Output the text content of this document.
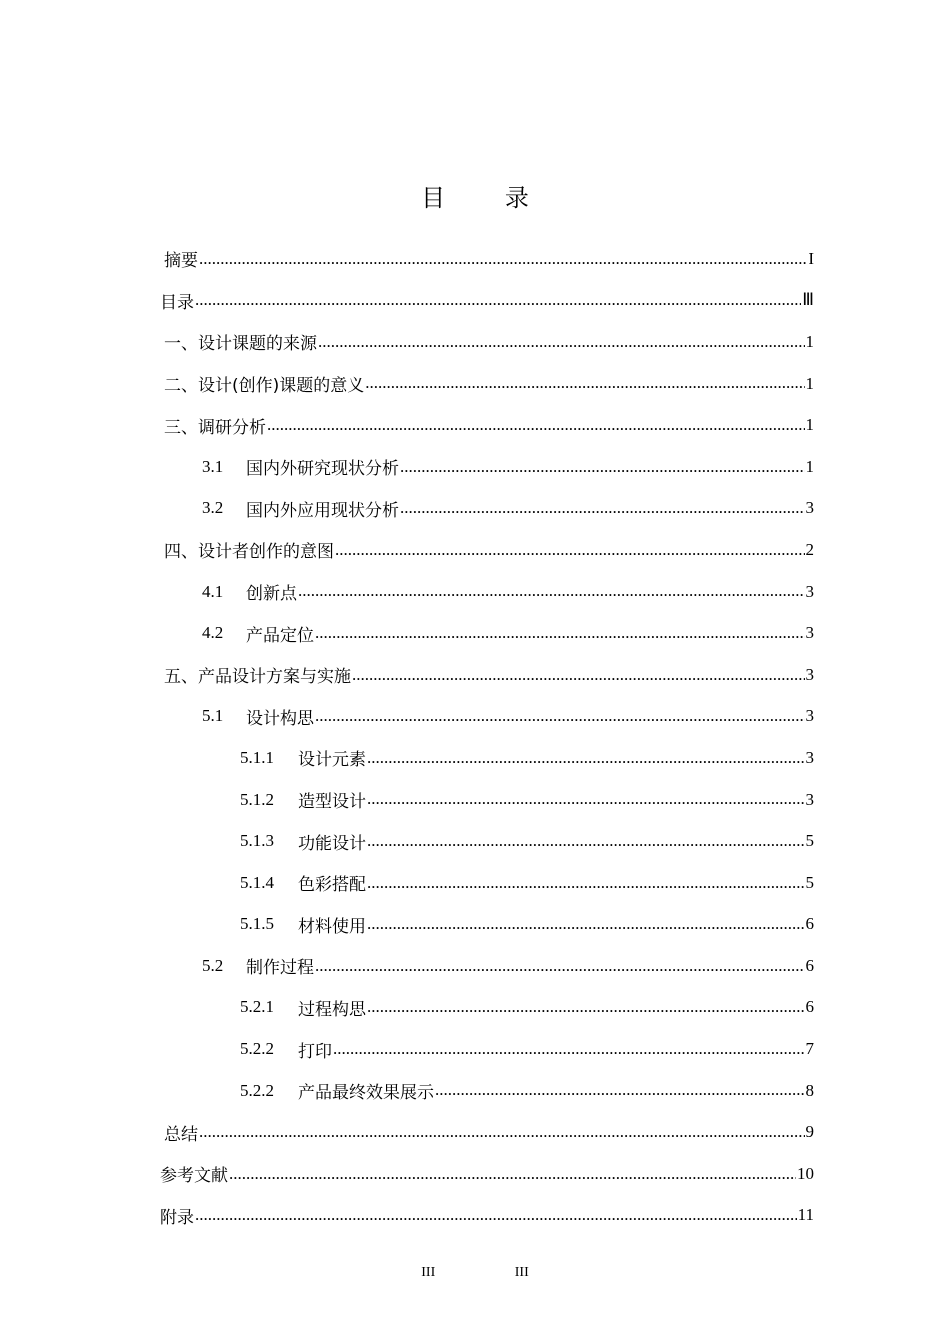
目 录
摘要 .....	I
目录 .....	Ⅲ
一、设计课题的来源 .....	1
二、设计(创作)课题的意义 .....	1
三、调研分析 .....	1
3.1	国内外研究现状分析 .....	1
3.2	国内外应用现状分析 .....	3
四、设计者创作的意图 .....	2
4.1	创新点 .....	3
4.2	产品定位 .....	3
五、产品设计方案与实施 .....	3
5.1	设计构思 .....	3
5.1.1	设计元素 .....	3
5.1.2	造型设计 .....	3
5.1.3	功能设计 .....	5
5.1.4	色彩搭配 .....	5
5.1.5	材料使用 .....	6
5.2	制作过程 .....	6
5.2.1	过程构思 .....	6
5.2.2	打印 .....	7
5.2.2	产品最终效果展示 .....	8
总结 .....	9
参考文献 .....	10
附录 .....	11
III	III
